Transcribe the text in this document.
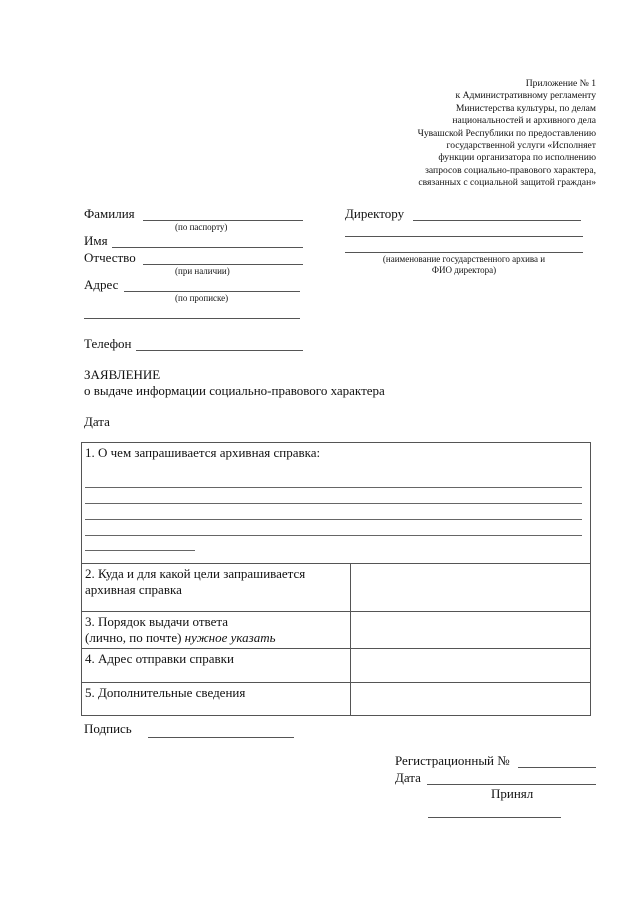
Приложение № 1
к Административному регламенту
Министерства культуры, по делам
национальностей и архивного дела
Чувашской Республики по предоставлению
государственной услуги «Исполняет
функции организатора по исполнению
запросов социально-правового характера,
связанных с социальной защитой граждан»
Фамилия
(по паспорту)
Имя
Отчество
(при наличии)
Адрес
(по прописке)
Телефон
Директору
(наименование государственного архива и
ФИО директора)
ЗАЯВЛЕНИЕ
о выдаче информации социально-правового характера
Дата
1. О чем запрашивается архивная справка:	

2. Куда и для какой цели запрашивается
архивная справка	

3. Порядок выдачи ответа
(лично, по почте) нужное указать	

4. Адрес отправки справки	

5. Дополнительные сведения	

Подпись
Регистрационный №
Дата
Принял
